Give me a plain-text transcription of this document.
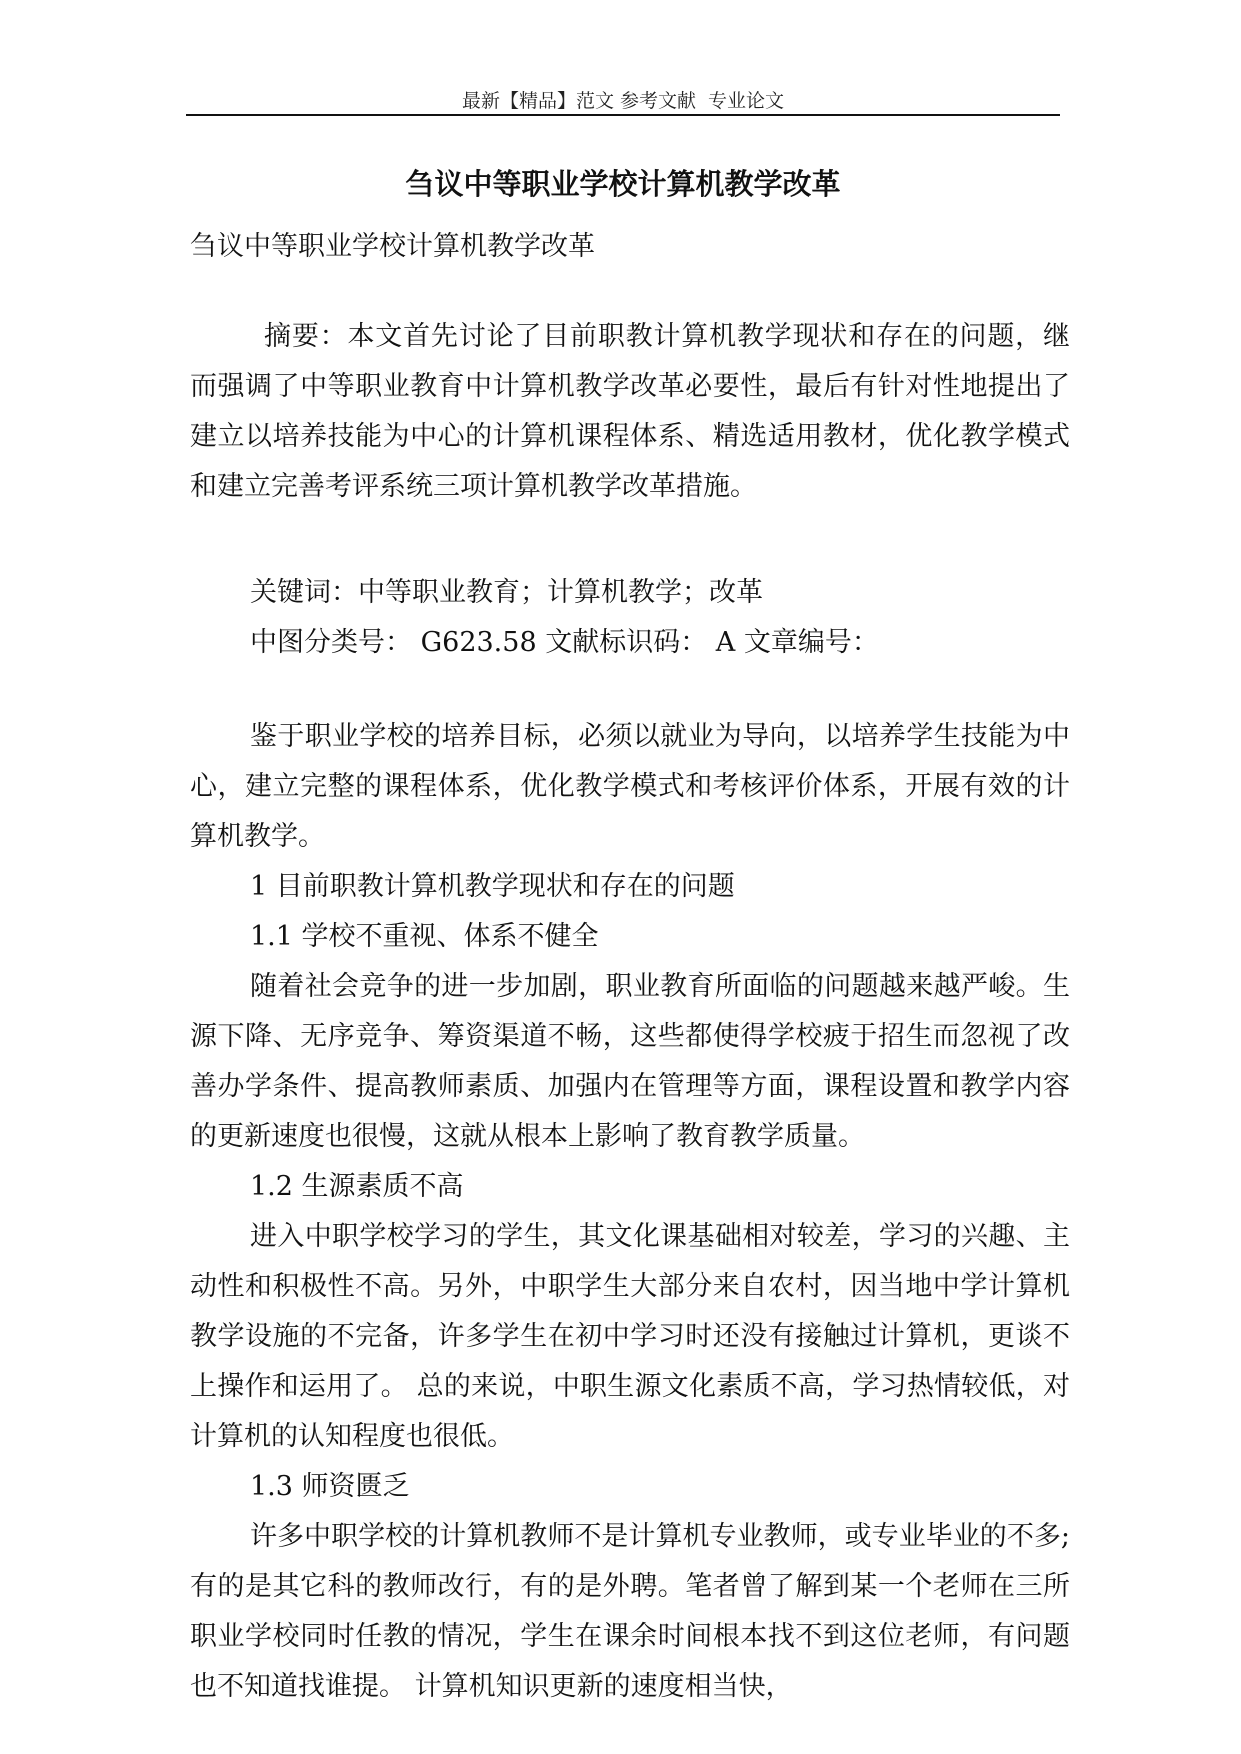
最新【精品】范文 参考文献  专业论文
刍议中等职业学校计算机教学改革

刍议中等职业学校计算机教学改革

摘要：本文首先讨论了目前职教计算机教学现状和存在的问题，继而强调了中等职业教育中计算机教学改革必要性，最后有针对性地提出了建立以培养技能为中心的计算机课程体系、精选适用教材，优化教学模式和建立完善考评系统三项计算机教学改革措施。

关键词：中等职业教育；计算机教学；改革

中图分类号： G623.58 文献标识码： A 文章编号：

鉴于职业学校的培养目标，必须以就业为导向，以培养学生技能为中心，建立完整的课程体系，优化教学模式和考核评价体系，开展有效的计算机教学。

1 目前职教计算机教学现状和存在的问题

1.1 学校不重视、体系不健全

随着社会竞争的进一步加剧，职业教育所面临的问题越来越严峻。生源下降、无序竞争、筹资渠道不畅，这些都使得学校疲于招生而忽视了改善办学条件、提高教师素质、加强内在管理等方面，课程设置和教学内容的更新速度也很慢，这就从根本上影响了教育教学质量。

1.2 生源素质不高

进入中职学校学习的学生，其文化课基础相对较差，学习的兴趣、主动性和积极性不高。另外，中职学生大部分来自农村，因当地中学计算机教学设施的不完备，许多学生在初中学习时还没有接触过计算机，更谈不上操作和运用了。 总的来说，中职生源文化素质不高，学习热情较低，对计算机的认知程度也很低。

1.3 师资匮乏

许多中职学校的计算机教师不是计算机专业教师，或专业毕业的不多; 有的是其它科的教师改行，有的是外聘。笔者曾了解到某一个老师在三所职业学校同时任教的情况，学生在课余时间根本找不到这位老师，有问题也不知道找谁提。 计算机知识更新的速度相当快，
